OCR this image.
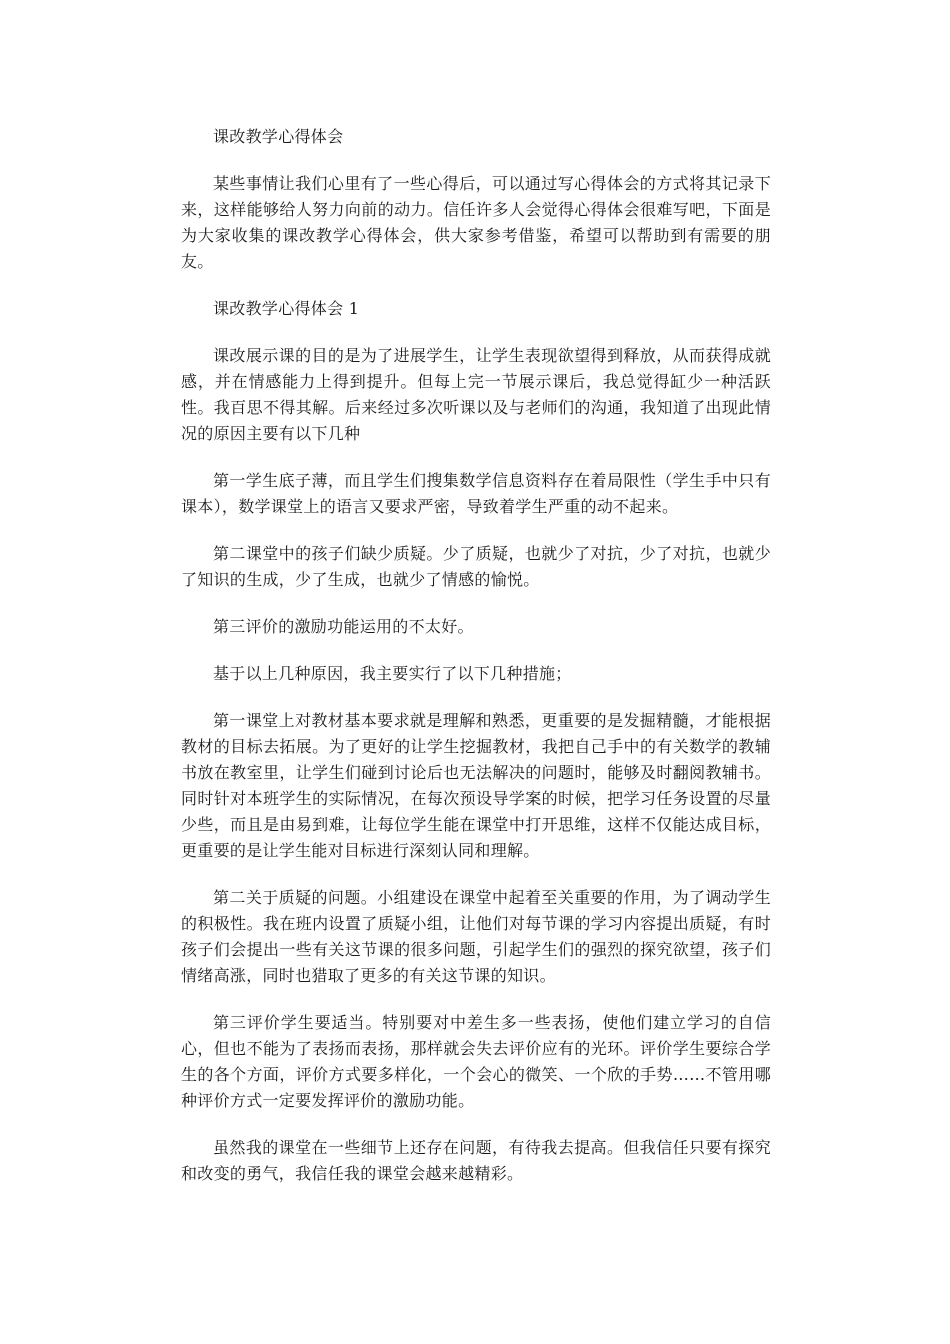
课改教学心得体会

某些事情让我们心里有了一些心得后，可以通过写心得体会的方式将其记录下来，这样能够给人努力向前的动力。信任许多人会觉得心得体会很难写吧，下面是为大家收集的课改教学心得体会，供大家参考借鉴，希望可以帮助到有需要的朋友。

课改教学心得体会 1

课改展示课的目的是为了进展学生，让学生表现欲望得到释放，从而获得成就感，并在情感能力上得到提升。但每上完一节展示课后，我总觉得缸少一种活跃性。我百思不得其解。后来经过多次听课以及与老师们的沟通，我知道了出现此情况的原因主要有以下几种

第一学生底子薄，而且学生们搜集数学信息资料存在着局限性（学生手中只有课本），数学课堂上的语言又要求严密，导致着学生严重的动不起来。

第二课堂中的孩子们缺少质疑。少了质疑，也就少了对抗，少了对抗，也就少了知识的生成，少了生成，也就少了情感的愉悦。

第三评价的激励功能运用的不太好。

基于以上几种原因，我主要实行了以下几种措施；

第一课堂上对教材基本要求就是理解和熟悉，更重要的是发掘精髓，才能根据教材的目标去拓展。为了更好的让学生挖掘教材，我把自己手中的有关数学的教辅书放在教室里，让学生们碰到讨论后也无法解决的问题时，能够及时翻阅教辅书。同时针对本班学生的实际情况，在每次预设导学案的时候，把学习任务设置的尽量少些，而且是由易到难，让每位学生能在课堂中打开思维，这样不仅能达成目标，更重要的是让学生能对目标进行深刻认同和理解。

第二关于质疑的问题。小组建设在课堂中起着至关重要的作用，为了调动学生的积极性。我在班内设置了质疑小组，让他们对每节课的学习内容提出质疑，有时孩子们会提出一些有关这节课的很多问题，引起学生们的强烈的探究欲望，孩子们情绪高涨，同时也猎取了更多的有关这节课的知识。

第三评价学生要适当。特别要对中差生多一些表扬，使他们建立学习的自信心，但也不能为了表扬而表扬，那样就会失去评价应有的光环。评价学生要综合学生的各个方面，评价方式要多样化，一个会心的微笑、一个欣的手势……不管用哪种评价方式一定要发挥评价的激励功能。

虽然我的课堂在一些细节上还存在问题，有待我去提高。但我信任只要有探究和改变的勇气，我信任我的课堂会越来越精彩。
